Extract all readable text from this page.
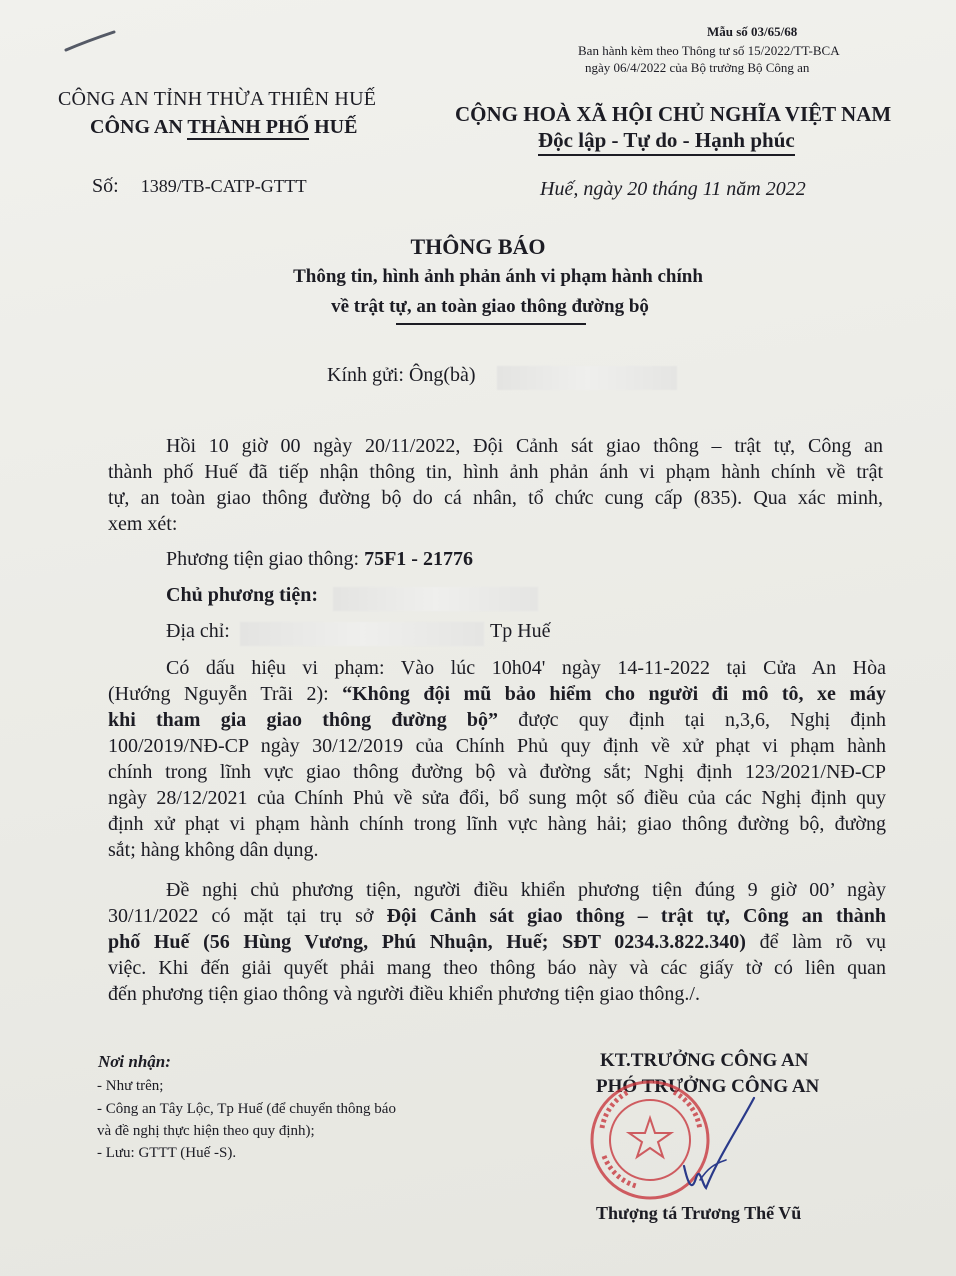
Mẫu số 03/65/68
Ban hành kèm theo Thông tư số 15/2022/TT-BCA
ngày 06/4/2022 của Bộ trưởng Bộ Công an
CÔNG AN TỈNH THỪA THIÊN HUẾ
CÔNG AN THÀNH PHỐ HUẾ
CỘNG HOÀ XÃ HỘI CHỦ NGHĨA VIỆT NAM
Độc lập - Tự do - Hạnh phúc
Số: 1389/TB-CATP-GTTT	Huế, ngày 20 tháng 11 năm 2022
THÔNG BÁO
Thông tin, hình ảnh phản ánh vi phạm hành chính
về trật tự, an toàn giao thông đường bộ
Kính gửi: Ông(bà)
Hồi 10 giờ 00 ngày 20/11/2022, Đội Cảnh sát giao thông – trật tự, Công an
thành phố Huế đã tiếp nhận thông tin, hình ảnh phản ánh vi phạm hành chính về trật
tự, an toàn giao thông đường bộ do cá nhân, tổ chức cung cấp (835). Qua xác minh,
xem xét:
Phương tiện giao thông: 75F1 - 21776
Chủ phương tiện:
Địa chỉ:	Tp Huế
Có dấu hiệu vi phạm: Vào lúc 10h04' ngày 14-11-2022 tại Cửa An Hòa
(Hướng Nguyễn Trãi 2): “Không đội mũ bảo hiểm cho người đi mô tô, xe máy
khi tham gia giao thông đường bộ” được quy định tại n,3,6, Nghị định
100/2019/NĐ-CP ngày 30/12/2019 của Chính Phủ quy định về xử phạt vi phạm hành
chính trong lĩnh vực giao thông đường bộ và đường sắt; Nghị định 123/2021/NĐ-CP
ngày 28/12/2021 của Chính Phủ về sửa đổi, bổ sung một số điều của các Nghị định quy
định xử phạt vi phạm hành chính trong lĩnh vực hàng hải; giao thông đường bộ, đường
sắt; hàng không dân dụng.
Đề nghị chủ phương tiện, người điều khiển phương tiện đúng 9 giờ 00’ ngày
30/11/2022 có mặt tại trụ sở Đội Cảnh sát giao thông – trật tự, Công an thành
phố Huế (56 Hùng Vương, Phú Nhuận, Huế; SĐT 0234.3.822.340) để làm rõ vụ
việc. Khi đến giải quyết phải mang theo thông báo này và các giấy tờ có liên quan
đến phương tiện giao thông và người điều khiển phương tiện giao thông./.
Nơi nhận:
- Như trên;
- Công an Tây Lộc, Tp Huế (để chuyển thông báo
và đề nghị thực hiện theo quy định);
- Lưu: GTTT (Huế -S).
KT.TRƯỞNG CÔNG AN
PHÓ TRƯỞNG CÔNG AN
Thượng tá Trương Thế Vũ
